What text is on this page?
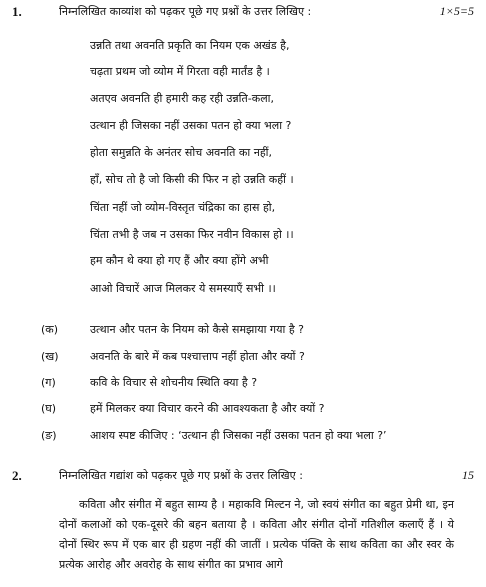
1.	निम्नलिखित काव्यांश को पढ़कर पूछे गए प्रश्नों के उत्तर लिखिए :	1×5=5
उन्नति तथा अवनति प्रकृति का नियम एक अखंड है,
चढ़ता प्रथम जो व्योम में गिरता वही मार्तंड है ।
अतएव अवनति ही हमारी कह रही उन्नति-कला,
उत्थान ही जिसका नहीं उसका पतन हो क्या भला ?
होता समुन्नति के अनंतर सोच अवनति का नहीं,
हाँ, सोच तो है जो किसी की फिर न हो उन्नति कहीं ।
चिंता नहीं जो व्योम-विस्तृत चंद्रिका का हास हो,
चिंता तभी है जब न उसका फिर नवीन विकास हो ।।
हम कौन थे क्या हो गए हैं और क्या होंगे अभी
आओ विचारें आज मिलकर ये समस्याएँ सभी ।।
(क)	उत्थान और पतन के नियम को कैसे समझाया गया है ?
(ख)	अवनति के बारे में कब पश्चात्ताप नहीं होता और क्यों ?
(ग)	कवि के विचार से शोचनीय स्थिति क्या है ?
(घ)	हमें मिलकर क्या विचार करने की आवश्यकता है और क्यों ?
(ङ)	आशय स्पष्ट कीजिए : ‘उत्थान ही जिसका नहीं उसका पतन हो क्या भला ?’
2.	निम्नलिखित गद्यांश को पढ़कर पूछे गए प्रश्नों के उत्तर लिखिए :	15
कविता और संगीत में बहुत साम्य है । महाकवि मिल्टन ने, जो स्वयं संगीत का बहुत प्रेमी था, इन दोनों कलाओं को एक-दूसरे की बहन बताया है । कविता और संगीत दोनों गतिशील कलाएँ हैं । ये दोनों स्थिर रूप में एक बार ही ग्रहण नहीं की जातीं । प्रत्येक पंक्ति के साथ कविता का और स्वर के प्रत्येक आरोह और अवरोह के साथ संगीत का प्रभाव आगे
